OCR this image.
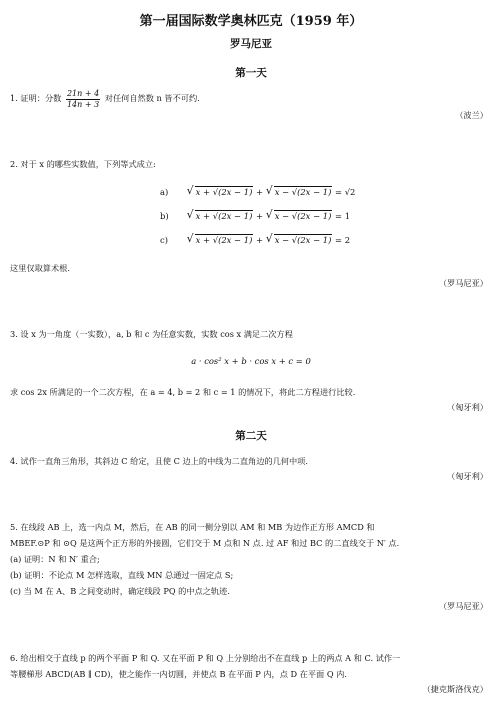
第一届国际数学奥林匹克（1959 年）
罗马尼亚
第一天
1. 证明：分数 $\frac{21n + 4}{14n + 3}$ 对任何自然数 n 皆不可约.
（波兰）
2. 对于 x 的哪些实数值，下列等式成立:
a)	√ x + √(2x − 1) + √ x − √(2x − 1) = √2
b)	√ x + √(2x − 1) + √ x − √(2x − 1) = 1
c)	√ x + √(2x − 1) + √ x − √(2x − 1) = 2
这里仅取算术根.
（罗马尼亚）
3. 设 x 为一角度（一实数），a, b 和 c 为任意实数，实数 cos x 满足二次方程
a · cos² x + b · cos x + c = 0
求 cos 2x 所满足的一个二次方程，在 a = 4, b = 2 和 c = 1 的情况下，将此二方程进行比较.
（匈牙利）
第二天
4. 试作一直角三角形，其斜边 C 给定，且使 C 边上的中线为二直角边的几何中项.
（匈牙利）
5. 在线段 AB 上，选一内点 M，然后，在 AB 的同一侧分别以 AM 和 MB 为边作正方形 AMCD 和
MBEF.⊙P 和 ⊙Q 是这两个正方形的外接圆，它们交于 M 点和 N 点. 过 AF 和过 BC 的二直线交于 N′ 点.
(a) 证明：N 和 N′ 重合;
(b) 证明：不论点 M 怎样选取，直线 MN 总通过一固定点 S;
(c) 当 M 在 A、B 之间变动时，确定线段 PQ 的中点之轨迹.
（罗马尼亚）
6. 给出相交于直线 p 的两个平面 P 和 Q. 又在平面 P 和 Q 上分别给出不在直线 p 上的两点 A 和 C. 试作一
等腰梯形 ABCD(AB ∥ CD)，使之能作一内切圆，并使点 B 在平面 P 内，点 D 在平面 Q 内.
（捷克斯洛伐克）
